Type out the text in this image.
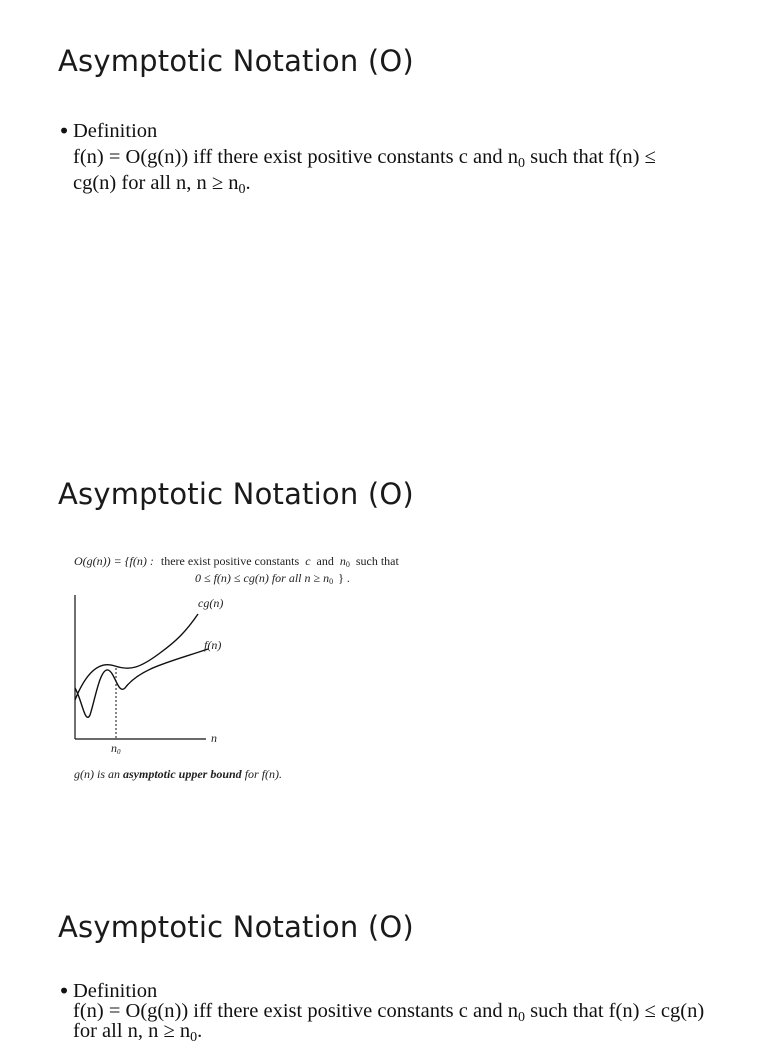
Asymptotic Notation (O)
• Definition
f(n) = O(g(n)) iff there exist positive constants c and $n_0$ such that f(n) ≤
cg(n) for all n, $n \ge n_0$.
Asymptotic Notation (O)
O(g(n)) = {f(n) : there exist positive constants c and n0 such that
0 ≤ f(n) ≤ cg(n) for all n ≥ n0 } .
cg(n)
f(n)
n
n0
g(n) is an asymptotic upper bound for f(n).
Asymptotic Notation (O)
• Definition
f(n) = O(g(n)) iff there exist positive constants c and $n_0$ such that f(n) ≤ cg(n)
for all n, $n \ge n_0$.
